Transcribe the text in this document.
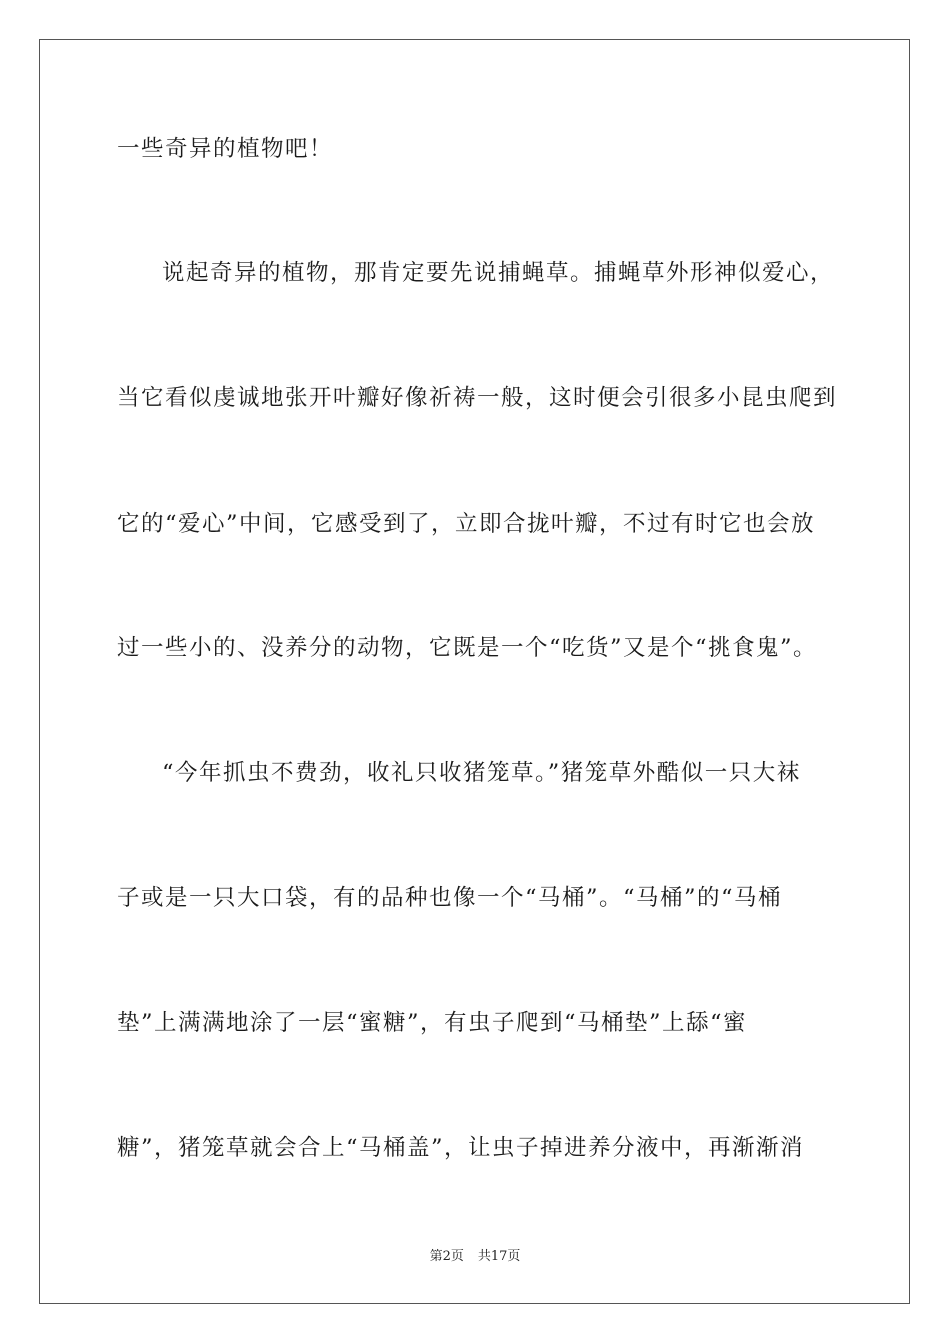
一些奇异的植物吧！
说起奇异的植物，那肯定要先说捕蝇草。捕蝇草外形神似爱心，
当它看似虔诚地张开叶瓣好像祈祷一般，这时便会引很多小昆虫爬到
它的“爱心”中间，它感受到了，立即合拢叶瓣，不过有时它也会放
过一些小的、没养分的动物，它既是一个“吃货”又是个“挑食鬼”。
“今年抓虫不费劲，收礼只收猪笼草。”猪笼草外酷似一只大袜
子或是一只大口袋，有的品种也像一个“马桶”。“马桶”的“马桶
垫”上满满地涂了一层“蜜糖”，有虫子爬到“马桶垫”上舔“蜜
糖”，猪笼草就会合上“马桶盖”，让虫子掉进养分液中，再渐渐消
第2页 共17页
